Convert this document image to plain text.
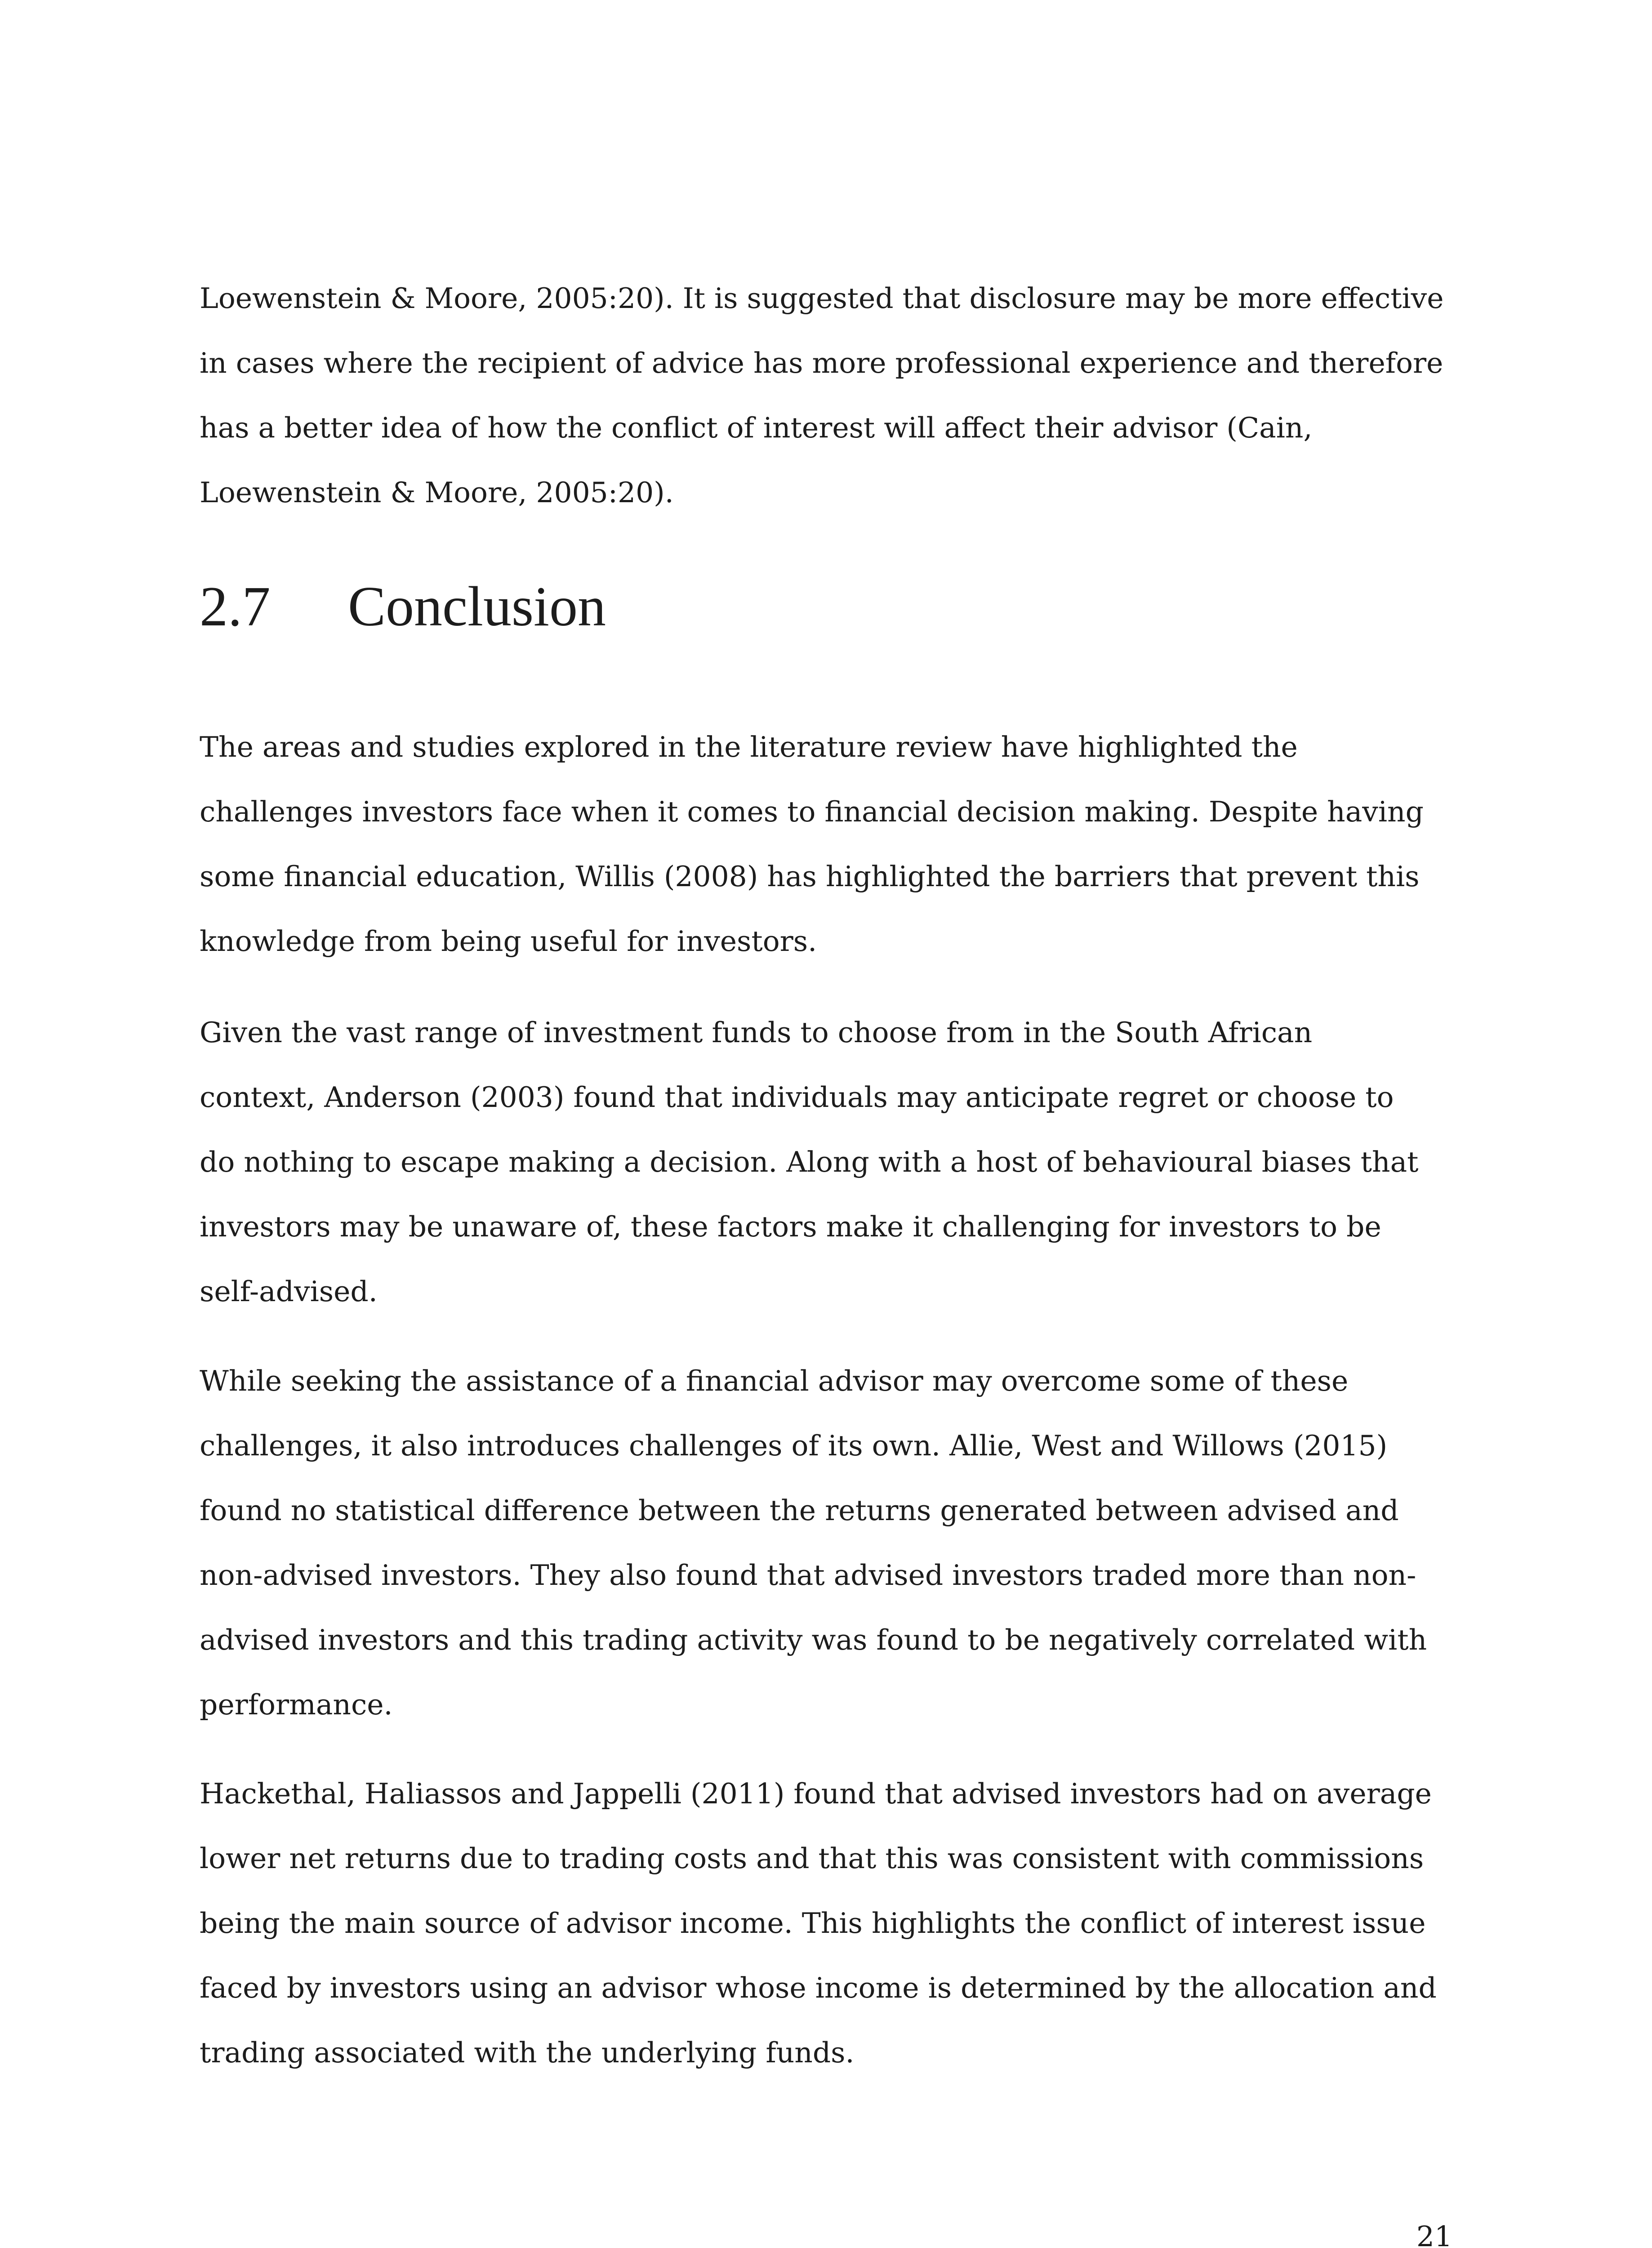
Loewenstein & Moore, 2005:20). It is suggested that disclosure may be more effective
in cases where the recipient of advice has more professional experience and therefore
has a better idea of how the conflict of interest will affect their advisor (Cain,
Loewenstein & Moore, 2005:20).
2.7 Conclusion
The areas and studies explored in the literature review have highlighted the
challenges investors face when it comes to financial decision making. Despite having
some financial education, Willis (2008) has highlighted the barriers that prevent this
knowledge from being useful for investors.
Given the vast range of investment funds to choose from in the South African
context, Anderson (2003) found that individuals may anticipate regret or choose to
do nothing to escape making a decision. Along with a host of behavioural biases that
investors may be unaware of, these factors make it challenging for investors to be
self-advised.
While seeking the assistance of a financial advisor may overcome some of these
challenges, it also introduces challenges of its own. Allie, West and Willows (2015)
found no statistical difference between the returns generated between advised and
non-advised investors. They also found that advised investors traded more than non-
advised investors and this trading activity was found to be negatively correlated with
performance.
Hackethal, Haliassos and Jappelli (2011) found that advised investors had on average
lower net returns due to trading costs and that this was consistent with commissions
being the main source of advisor income. This highlights the conflict of interest issue
faced by investors using an advisor whose income is determined by the allocation and
trading associated with the underlying funds.
21
